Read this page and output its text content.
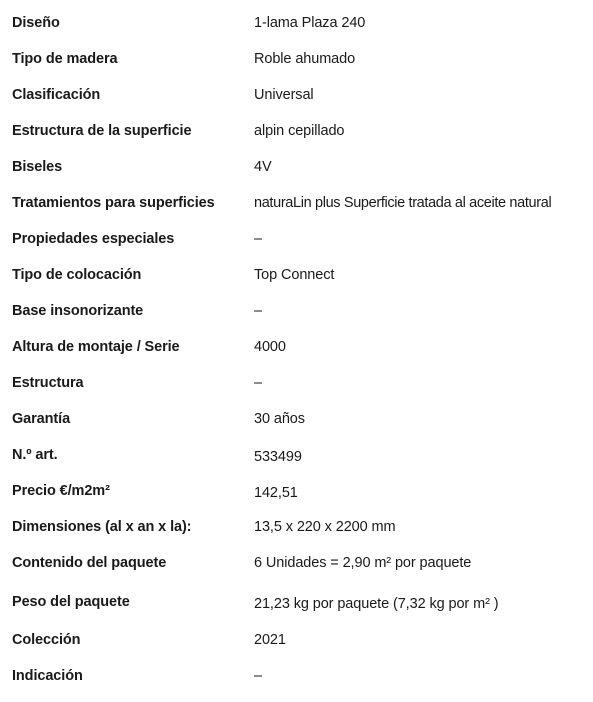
Diseño	1-lama Plaza 240
Tipo de madera	Roble ahumado
Clasificación	Universal
Estructura de la superficie	alpin cepillado
Biseles	4V
Tratamientos para superficies	naturaLin plus Superficie tratada al aceite natural
Propiedades especiales	–
Tipo de colocación	Top Connect
Base insonorizante	–
Altura de montaje / Serie	4000
Estructura	–
Garantía	30 años
N.º art.	533499
Precio €/m2m²	142,51
Dimensiones (al x an x la):	13,5 x 220 x 2200 mm
Contenido del paquete	6 Unidades = 2,90 m² por paquete
Peso del paquete	21,23 kg por paquete (7,32 kg por m² )
Colección	2021
Indicación	–
